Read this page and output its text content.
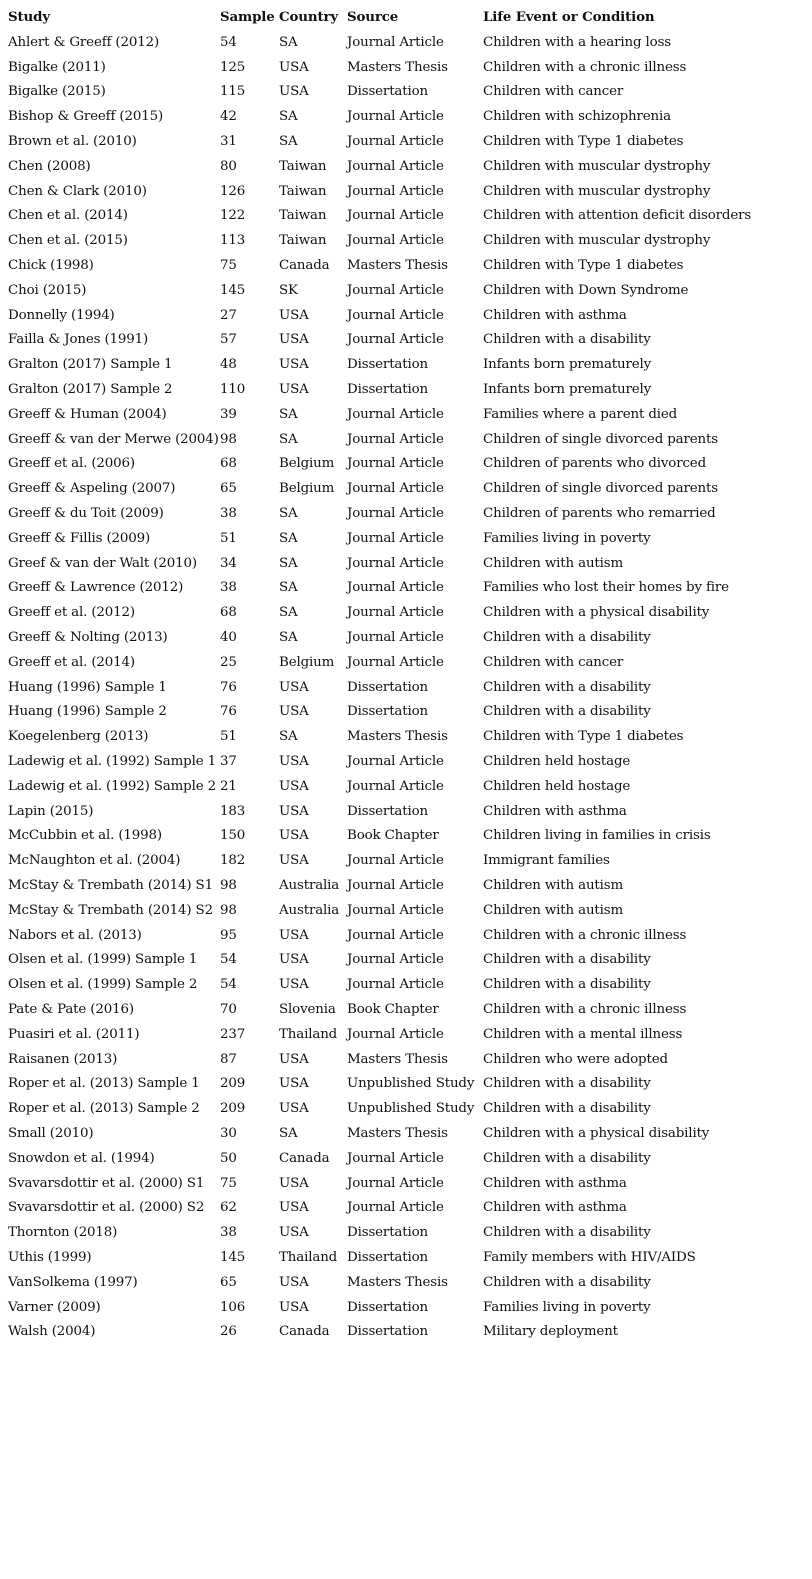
Study	Sample	Country	Source	Life Event or Condition
Ahlert & Greeff (2012)	54	SA	Journal Article	Children with a hearing loss
Bigalke (2011)	125	USA	Masters Thesis	Children with a chronic illness
Bigalke (2015)	115	USA	Dissertation	Children with cancer
Bishop & Greeff (2015)	42	SA	Journal Article	Children with schizophrenia
Brown et al. (2010)	31	SA	Journal Article	Children with Type 1 diabetes
Chen (2008)	80	Taiwan	Journal Article	Children with muscular dystrophy
Chen & Clark (2010)	126	Taiwan	Journal Article	Children with muscular dystrophy
Chen et al. (2014)	122	Taiwan	Journal Article	Children with attention deficit disorders
Chen et al. (2015)	113	Taiwan	Journal Article	Children with muscular dystrophy
Chick (1998)	75	Canada	Masters Thesis	Children with Type 1 diabetes
Choi (2015)	145	SK	Journal Article	Children with Down Syndrome
Donnelly (1994)	27	USA	Journal Article	Children with asthma
Failla & Jones (1991)	57	USA	Journal Article	Children with a disability
Gralton (2017) Sample 1	48	USA	Dissertation	Infants born prematurely
Gralton (2017) Sample 2	110	USA	Dissertation	Infants born prematurely
Greeff & Human (2004)	39	SA	Journal Article	Families where a parent died
Greeff & van der Merwe (2004)	98	SA	Journal Article	Children of single divorced parents
Greeff et al. (2006)	68	Belgium	Journal Article	Children of parents who divorced
Greeff & Aspeling (2007)	65	Belgium	Journal Article	Children of single divorced parents
Greeff & du Toit (2009)	38	SA	Journal Article	Children of parents who remarried
Greeff & Fillis (2009)	51	SA	Journal Article	Families living in poverty
Greef & van der Walt (2010)	34	SA	Journal Article	Children with autism
Greeff & Lawrence (2012)	38	SA	Journal Article	Families who lost their homes by fire
Greeff et al. (2012)	68	SA	Journal Article	Children with a physical disability
Greeff & Nolting (2013)	40	SA	Journal Article	Children with a disability
Greeff et al. (2014)	25	Belgium	Journal Article	Children with cancer
Huang (1996) Sample 1	76	USA	Dissertation	Children with a disability
Huang (1996) Sample 2	76	USA	Dissertation	Children with a disability
Koegelenberg (2013)	51	SA	Masters Thesis	Children with Type 1 diabetes
Ladewig et al. (1992) Sample 1	37	USA	Journal Article	Children held hostage
Ladewig et al. (1992) Sample 2	21	USA	Journal Article	Children held hostage
Lapin (2015)	183	USA	Dissertation	Children with asthma
McCubbin et al. (1998)	150	USA	Book Chapter	Children living in families in crisis
McNaughton et al. (2004)	182	USA	Journal Article	Immigrant families
McStay & Trembath (2014) S1	98	Australia	Journal Article	Children with autism
McStay & Trembath (2014) S2	98	Australia	Journal Article	Children with autism
Nabors et al. (2013)	95	USA	Journal Article	Children with a chronic illness
Olsen et al. (1999) Sample 1	54	USA	Journal Article	Children with a disability
Olsen et al. (1999) Sample 2	54	USA	Journal Article	Children with a disability
Pate & Pate (2016)	70	Slovenia	Book Chapter	Children with a chronic illness
Puasiri et al. (2011)	237	Thailand	Journal Article	Children with a mental illness
Raisanen (2013)	87	USA	Masters Thesis	Children who were adopted
Roper et al. (2013) Sample 1	209	USA	Unpublished Study	Children with a disability
Roper et al. (2013) Sample 2	209	USA	Unpublished Study	Children with a disability
Small (2010)	30	SA	Masters Thesis	Children with a physical disability
Snowdon et al. (1994)	50	Canada	Journal Article	Children with a disability
Svavarsdottir et al. (2000) S1	75	USA	Journal Article	Children with asthma
Svavarsdottir et al. (2000) S2	62	USA	Journal Article	Children with asthma
Thornton (2018)	38	USA	Dissertation	Children with a disability
Uthis (1999)	145	Thailand	Dissertation	Family members with HIV/AIDS
VanSolkema (1997)	65	USA	Masters Thesis	Children with a disability
Varner (2009)	106	USA	Dissertation	Families living in poverty
Walsh (2004)	26	Canada	Dissertation	Military deployment
